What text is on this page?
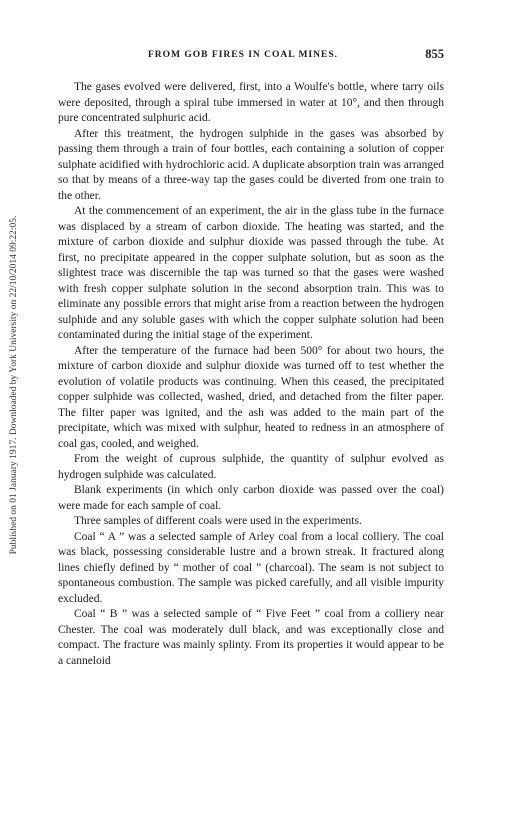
Published on 01 January 1917. Downloaded by York University on 22/10/2014 09:22:05.
FROM GOB FIRES IN COAL MINES.	855

The gases evolved were delivered, first, into a Woulfe's bottle, where tarry oils were deposited, through a spiral tube immersed in water at 10°, and then through pure concentrated sulphuric acid.

After this treatment, the hydrogen sulphide in the gases was absorbed by passing them through a train of four bottles, each containing a solution of copper sulphate acidified with hydrochloric acid. A duplicate absorption train was arranged so that by means of a three-way tap the gases could be diverted from one train to the other.

At the commencement of an experiment, the air in the glass tube in the furnace was displaced by a stream of carbon dioxide. The heating was started, and the mixture of carbon dioxide and sulphur dioxide was passed through the tube. At first, no precipitate appeared in the copper sulphate solution, but as soon as the slightest trace was discernible the tap was turned so that the gases were washed with fresh copper sulphate solution in the second absorption train. This was to eliminate any possible errors that might arise from a reaction between the hydrogen sulphide and any soluble gases with which the copper sulphate solution had been contaminated during the initial stage of the experiment.

After the temperature of the furnace had been 500° for about two hours, the mixture of carbon dioxide and sulphur dioxide was turned off to test whether the evolution of volatile products was continuing. When this ceased, the precipitated copper sulphide was collected, washed, dried, and detached from the filter paper. The filter paper was ignited, and the ash was added to the main part of the precipitate, which was mixed with sulphur, heated to redness in an atmosphere of coal gas, cooled, and weighed.

From the weight of cuprous sulphide, the quantity of sulphur evolved as hydrogen sulphide was calculated.

Blank experiments (in which only carbon dioxide was passed over the coal) were made for each sample of coal.

Three samples of different coals were used in the experiments.

Coal “ A ” was a selected sample of Arley coal from a local colliery. The coal was black, possessing considerable lustre and a brown streak. It fractured along lines chiefly defined by “ mother of coal ” (charcoal). The seam is not subject to spontaneous combustion. The sample was picked carefully, and all visible impurity excluded.

Coal “ B ” was a selected sample of “ Five Feet ” coal from a colliery near Chester. The coal was moderately dull black, and was exceptionally close and compact. The fracture was mainly splinty. From its properties it would appear to be a canneloid
